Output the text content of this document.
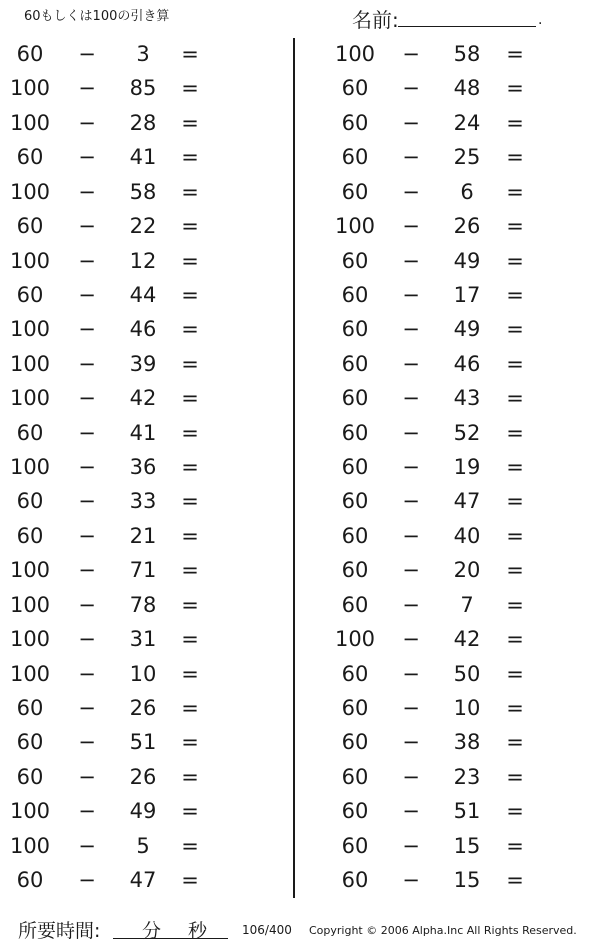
60もしくは100の引き算	名前:	.
60	−	3	=
100	−	85	=
100	−	28	=
60	−	41	=
100	−	58	=
60	−	22	=
100	−	12	=
60	−	44	=
100	−	46	=
100	−	39	=
100	−	42	=
60	−	41	=
100	−	36	=
60	−	33	=
60	−	21	=
100	−	71	=
100	−	78	=
100	−	31	=
100	−	10	=
60	−	26	=
60	−	51	=
60	−	26	=
100	−	49	=
100	−	5	=
60	−	47	=
100	−	58	=
60	−	48	=
60	−	24	=
60	−	25	=
60	−	6	=
100	−	26	=
60	−	49	=
60	−	17	=
60	−	49	=
60	−	46	=
60	−	43	=
60	−	52	=
60	−	19	=
60	−	47	=
60	−	40	=
60	−	20	=
60	−	7	=
100	−	42	=
60	−	50	=
60	−	10	=
60	−	38	=
60	−	23	=
60	−	51	=
60	−	15	=
60	−	15	=
所要時間: 分 秒	106/400 Copyright © 2006 Alpha.Inc All Rights Reserved.
